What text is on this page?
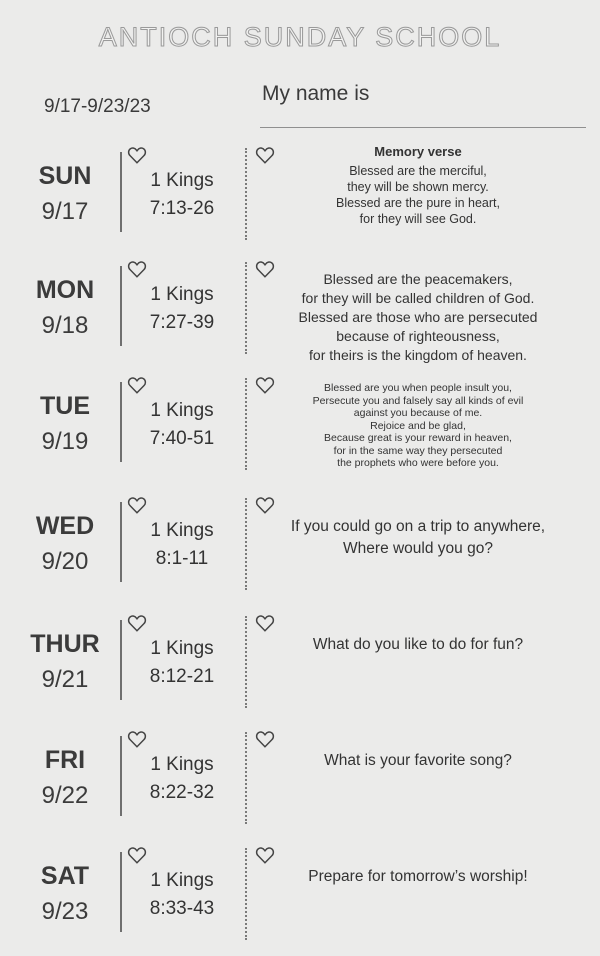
ANTIOCH SUNDAY SCHOOL
9/17-9/23/23
My name is
SUN
9/17
1 Kings
7:13-26
Memory verse
Blessed are the merciful,
they will be shown mercy.
Blessed are the pure in heart,
for they will see God.
MON
9/18
1 Kings
7:27-39
Blessed are the peacemakers,
for they will be called children of God.
Blessed are those who are persecuted
because of righteousness,
for theirs is the kingdom of heaven.
TUE
9/19
1 Kings
7:40-51
Blessed are you when people insult you,
Persecute you and falsely say all kinds of evil
against you because of me.
Rejoice and be glad,
Because great is your reward in heaven,
for in the same way they persecuted
the prophets who were before you.
WED
9/20
1 Kings
8:1-11
If you could go on a trip to anywhere,
Where would you go?
THUR
9/21
1 Kings
8:12-21
What do you like to do for fun?
FRI
9/22
1 Kings
8:22-32
What is your favorite song?
SAT
9/23
1 Kings
8:33-43
Prepare for tomorrow’s worship!
